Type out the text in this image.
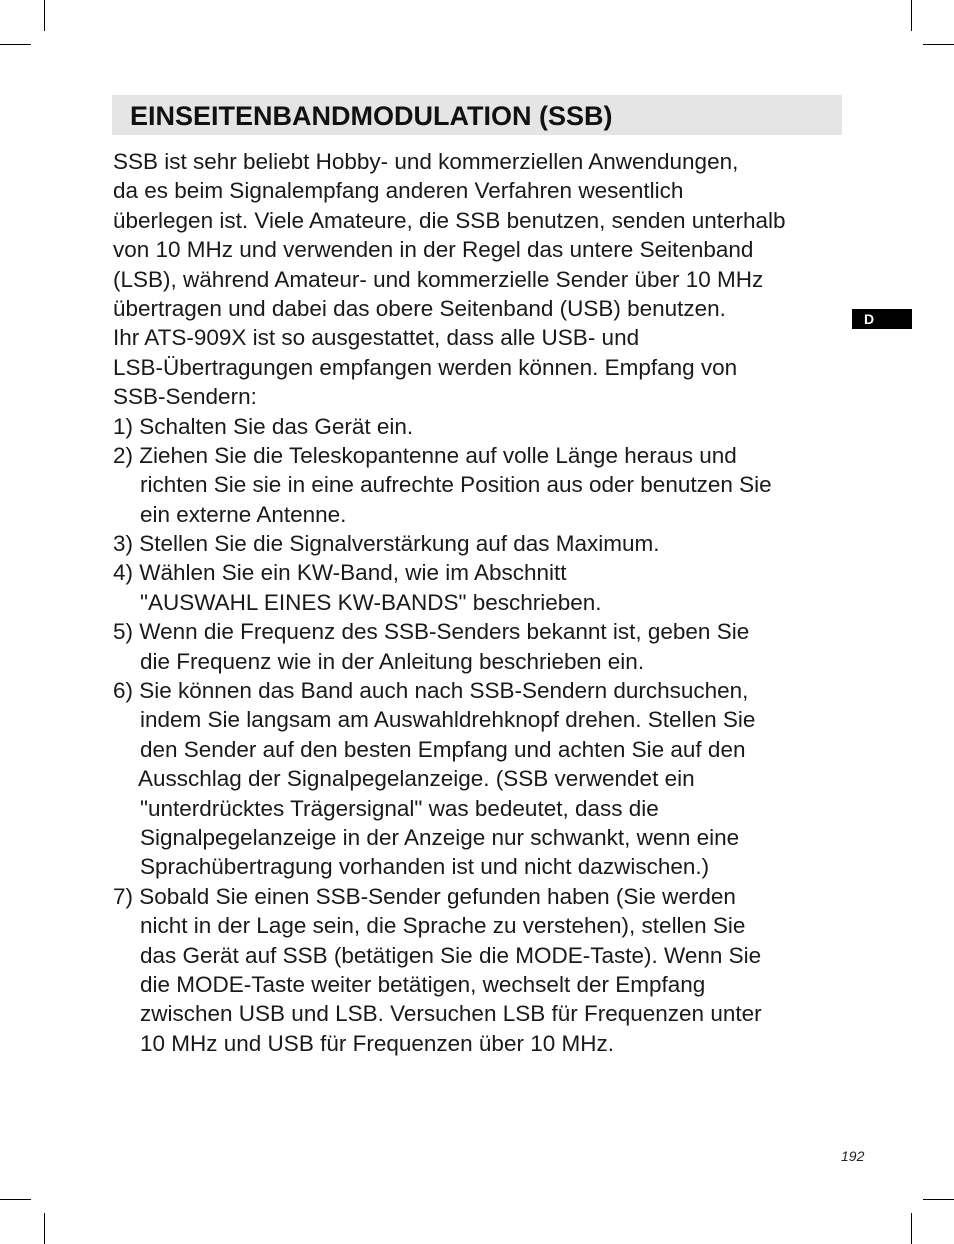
EINSEITENBANDMODULATION (SSB)
D
SSB ist sehr beliebt Hobby- und kommerziellen Anwendungen,
da es beim Signalempfang anderen Verfahren wesentlich
überlegen ist. Viele Amateure, die SSB benutzen, senden unterhalb
von 10 MHz und verwenden in der Regel das untere Seitenband
(LSB), während Amateur- und kommerzielle Sender über 10 MHz
übertragen und dabei das obere Seitenband (USB) benutzen.
Ihr ATS-909X ist so ausgestattet, dass alle USB- und
LSB-Übertragungen empfangen werden können. Empfang von
SSB-Sendern:
1) Schalten Sie das Gerät ein.
2) Ziehen Sie die Teleskopantenne auf volle Länge heraus und
richten Sie sie in eine aufrechte Position aus oder benutzen Sie
ein externe Antenne.
3) Stellen Sie die Signalverstärkung auf das Maximum.
4) Wählen Sie ein KW-Band, wie im Abschnitt
"AUSWAHL EINES KW-BANDS" beschrieben.
5) Wenn die Frequenz des SSB-Senders bekannt ist, geben Sie
die Frequenz wie in der Anleitung beschrieben ein.
6) Sie können das Band auch nach SSB-Sendern durchsuchen,
indem Sie langsam am Auswahldrehknopf drehen. Stellen Sie
den Sender auf den besten Empfang und achten Sie auf den
Ausschlag der Signalpegelanzeige. (SSB verwendet ein
"unterdrücktes Trägersignal" was bedeutet, dass die
Signalpegelanzeige in der Anzeige nur schwankt, wenn eine
Sprachübertragung vorhanden ist und nicht dazwischen.)
7) Sobald Sie einen SSB-Sender gefunden haben (Sie werden
nicht in der Lage sein, die Sprache zu verstehen), stellen Sie
das Gerät auf SSB (betätigen Sie die MODE-Taste). Wenn Sie
die MODE-Taste weiter betätigen, wechselt der Empfang
zwischen USB und LSB. Versuchen LSB für Frequenzen unter
10 MHz und USB für Frequenzen über 10 MHz.
192
